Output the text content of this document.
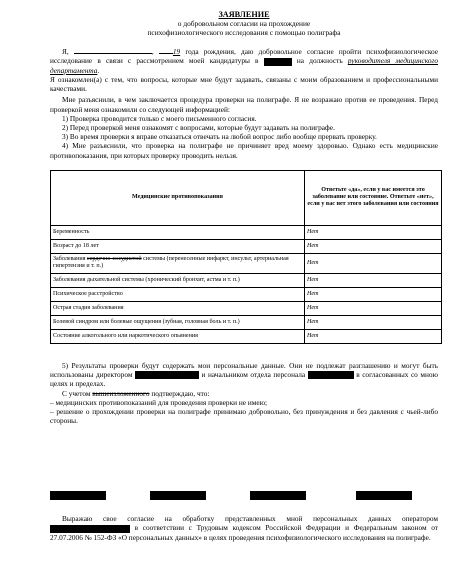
ЗАЯВЛЕНИЕ
о добровольном согласии на прохождение
психофизиологического исследования с помощью полиграфа

Я,	, 19 года рождения, даю добровольное согласие пройти психофизиологическое исследование в связи с рассмотрением моей кандидатуры в	на должность руководителя медицинского департамента.

Я ознакомлен(а) с тем, что вопросы, которые мне будут задавать, связаны с моим образованием и профессиональными качествами.

Мне разъяснили, в чем заключается процедура проверки на полиграфе. Я не возражаю против ее проведения. Перед проверкой меня ознакомили со следующей информацией:

1) Проверка проводится только с моего письменного согласия.

2) Перед проверкой меня ознакомят с вопросами, которые будут задавать на полиграфе.

3) Во время проверки я вправе отказаться отвечать на любой вопрос либо вообще прервать проверку.

4) Мне разъяснили, что проверка на полиграфе не причиняет вред моему здоровью. Однако есть медицинские противопоказания, при которых проверку проводить нельзя.

Медицинские противопоказания	Ответьте «да», если у вас имеется это заболевание или состояние. Ответьте «нет», если у вас нет этого заболевания или состояния
Беременность	Нет
Возраст до 18 лет	Нет
Заболевания сердечно-сосудистой системы (перенесенные инфаркт, инсульт, артериальная гипертензия и т. п.)	Нет
Заболевания дыхательной системы (хронический бронхит, астма и т. п.)	Нет
Психическое расстройство	Нет
Острая стадия заболевания	Нет
Болевой синдром или болевые ощущения (зубная, головная боль и т. п.)	Нет
Состояние алкогольного или наркотического опьянения	Нет

5) Результаты проверки будут содержать мои персональные данные. Они не подлежат разглашению и могут быть использованы директором	и начальником отдела персонала	в согласованных со мною целях и пределах.

С учетом вышеизложенного подтверждаю, что:

– медицинских противопоказаний для проведения проверки не имею;

– решение о прохождении проверки на полиграфе принимаю добровольно, без принуждения и без давления с чьей-либо стороны.

Выражаю свое согласие на обработку представленных мной персональных данных оператором  в соответствии с Трудовым кодексом Российской Федерации и Федеральным законом от 27.07.2006 № 152-ФЗ «О персональных данных» в целях проведения психофизиологического исследования на полиграфе.
